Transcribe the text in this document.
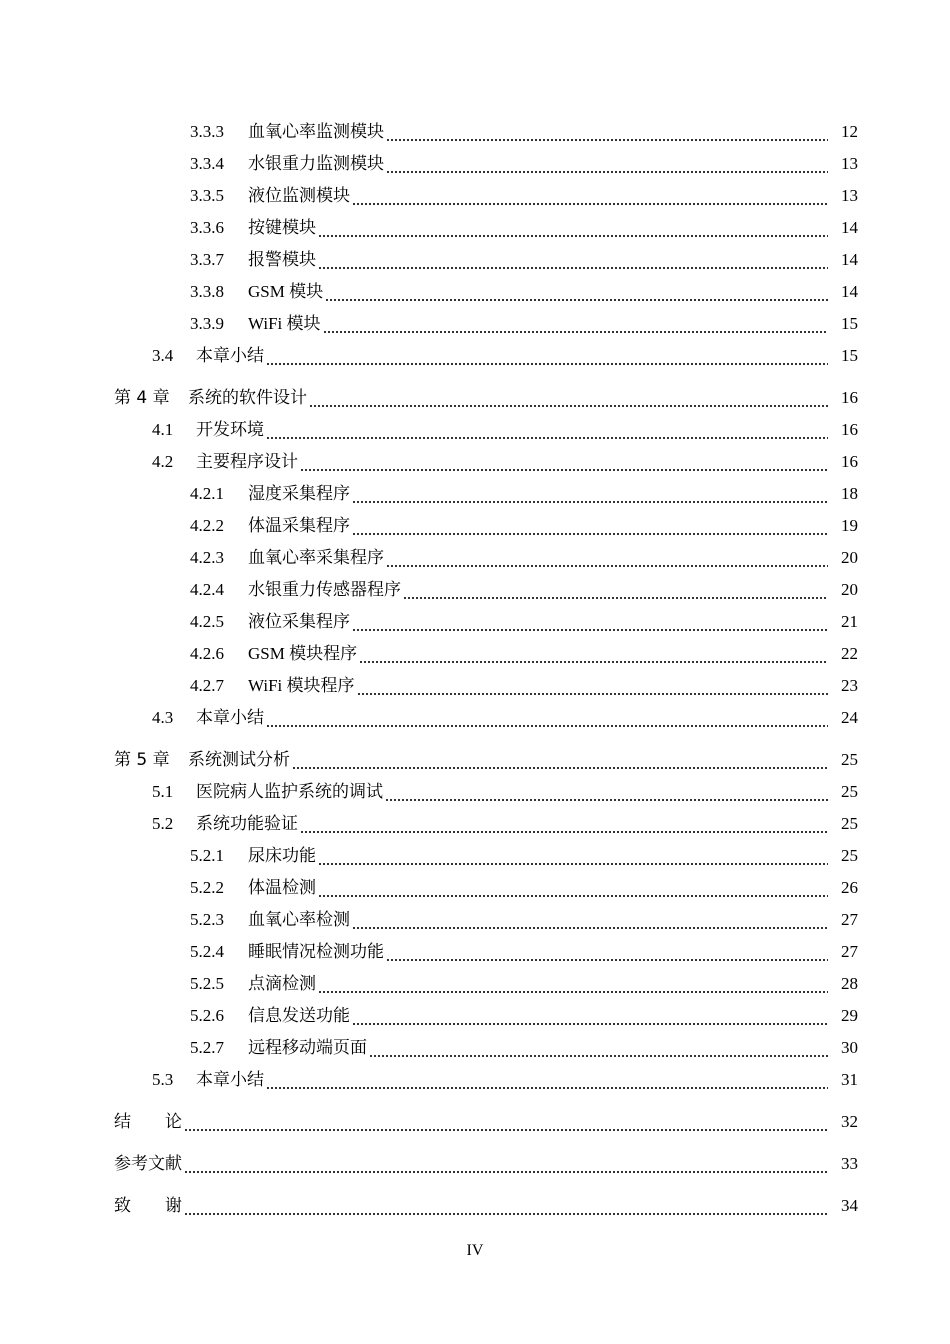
3.3.3	血氧心率监测模块	12
3.3.4	水银重力监测模块	13
3.3.5	液位监测模块	13
3.3.6	按键模块	14
3.3.7	报警模块	14
3.3.8	GSM 模块	14
3.3.9	WiFi 模块	15
3.4	本章小结	15
第 4 章	系统的软件设计	16
4.1	开发环境	16
4.2	主要程序设计	16
4.2.1	湿度采集程序	18
4.2.2	体温采集程序	19
4.2.3	血氧心率采集程序	20
4.2.4	水银重力传感器程序	20
4.2.5	液位采集程序	21
4.2.6	GSM 模块程序	22
4.2.7	WiFi 模块程序	23
4.3	本章小结	24
第 5 章	系统测试分析	25
5.1	医院病人监护系统的调试	25
5.2	系统功能验证	25
5.2.1	尿床功能	25
5.2.2	体温检测	26
5.2.3	血氧心率检测	27
5.2.4	睡眠情况检测功能	27
5.2.5	点滴检测	28
5.2.6	信息发送功能	29
5.2.7	远程移动端页面	30
5.3	本章小结	31
结　　论	32
参考文献	33
致　　谢	34
IV
